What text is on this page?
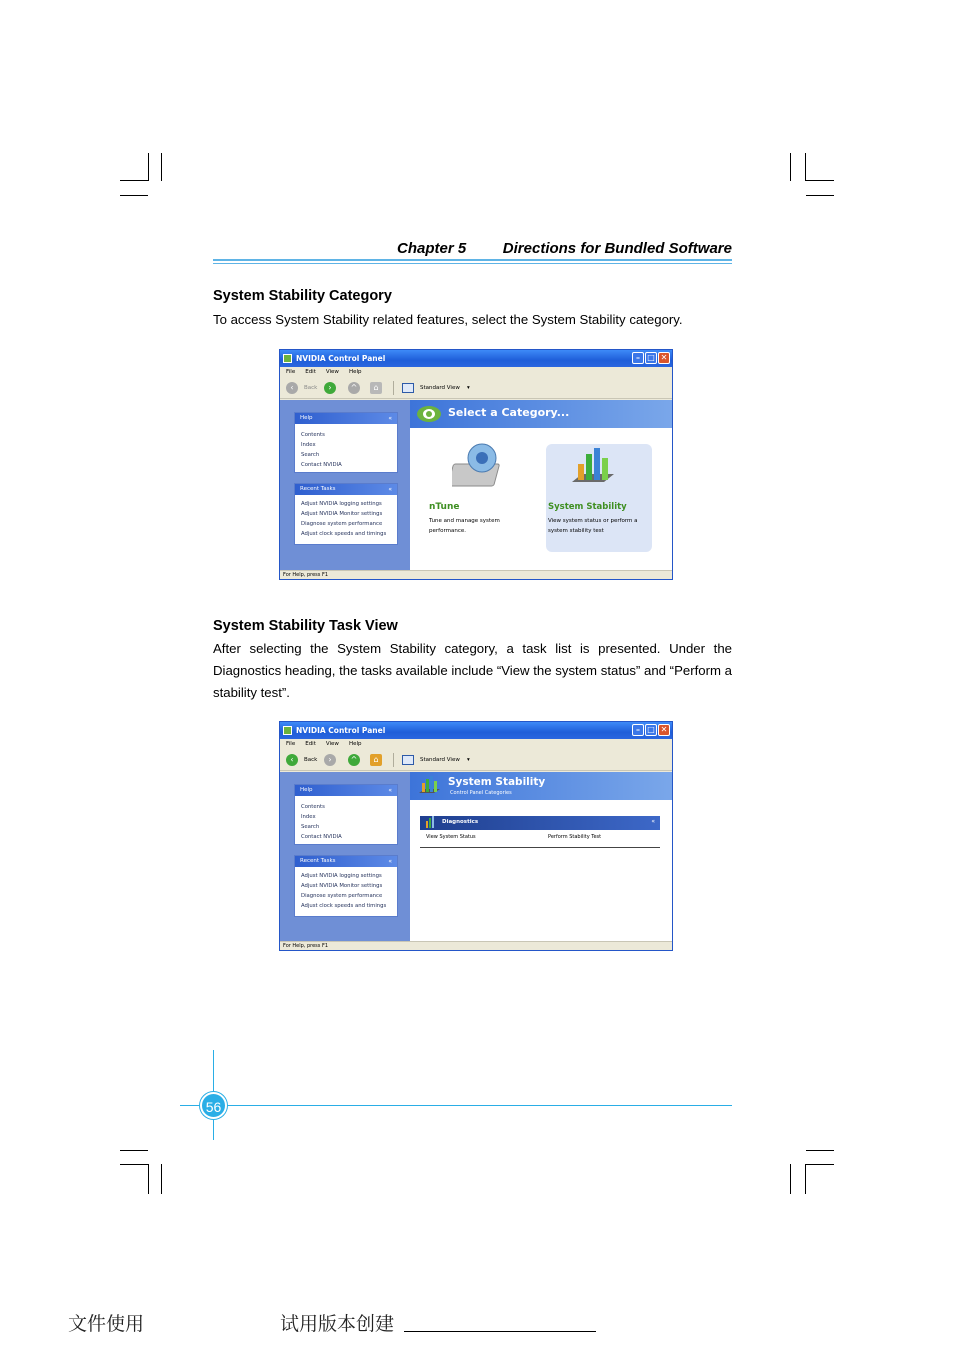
Chapter 5 Directions for Bundled Software
System Stability Category
To access System Stability related features, select the System Stability category.
NVIDIA Control Panel	– □ ✕
File Edit View Help
‹	Back	›	^	⌂	Standard View ▾
Help	«
Contents
Index
Search
Contact NVIDIA
Recent Tasks	«
Adjust NVIDIA logging settings
Adjust NVIDIA Monitor settings
Diagnose system performance
Adjust clock speeds and timings
Select a Category...
nTune
Tune and manage system performance.
System Stability
View system status or perform a system stability test
For Help, press F1
System Stability Task View
After selecting the System Stability category, a task list is presented. Under the Diagnostics heading, the tasks available include “View the system status” and “Perform a stability test”.
NVIDIA Control Panel	– □ ✕
File Edit View Help
‹	Back	›	^	⌂	Standard View ▾
Help	«
Contents
Index
Search
Contact NVIDIA
Recent Tasks	«
Adjust NVIDIA logging settings
Adjust NVIDIA Monitor settings
Diagnose system performance
Adjust clock speeds and timings
System Stability
Control Panel Categories
Diagnostics	«
View System Status	Perform Stability Test
For Help, press F1
56
文件使用	试用版本创建
